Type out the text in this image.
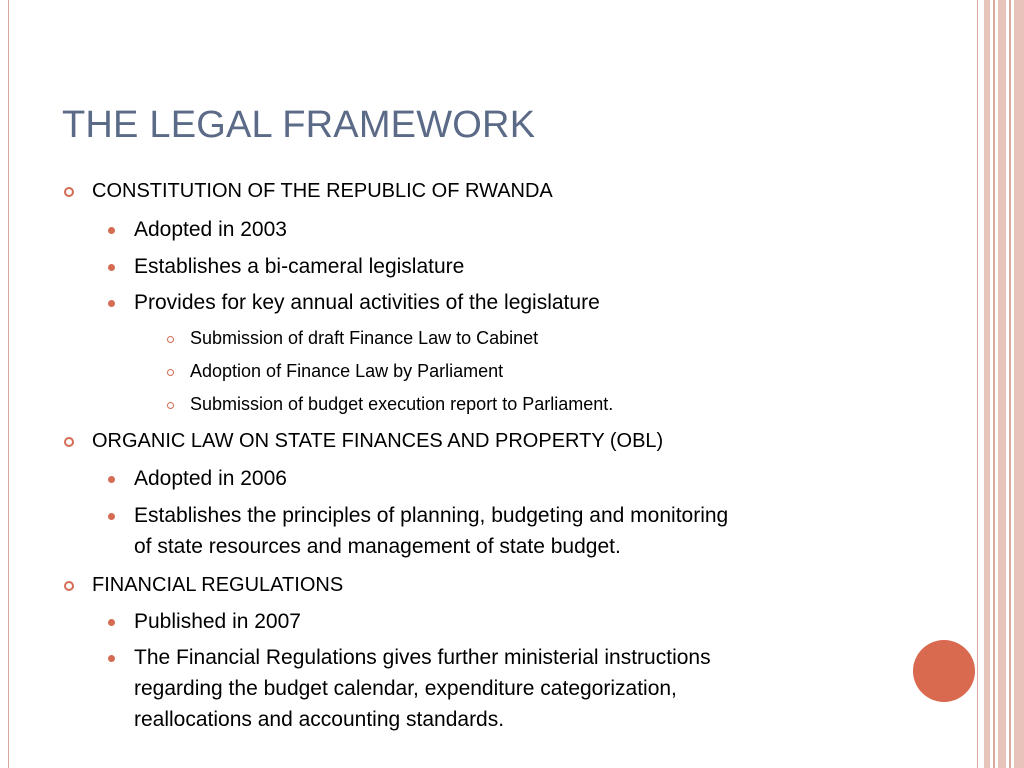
THE LEGAL FRAMEWORK
CONSTITUTION OF THE REPUBLIC OF RWANDA
Adopted in 2003
Establishes a bi-cameral legislature
Provides for key annual activities of the legislature
Submission of draft Finance Law to Cabinet
Adoption of Finance Law by Parliament
Submission of budget execution report to Parliament.
ORGANIC LAW ON STATE FINANCES AND PROPERTY (OBL)
Adopted in 2006
Establishes the principles of planning, budgeting and monitoring
of state resources and management of state budget.
FINANCIAL REGULATIONS
Published in 2007
The Financial Regulations gives further ministerial instructions
regarding the budget calendar, expenditure categorization,
reallocations and accounting standards.
